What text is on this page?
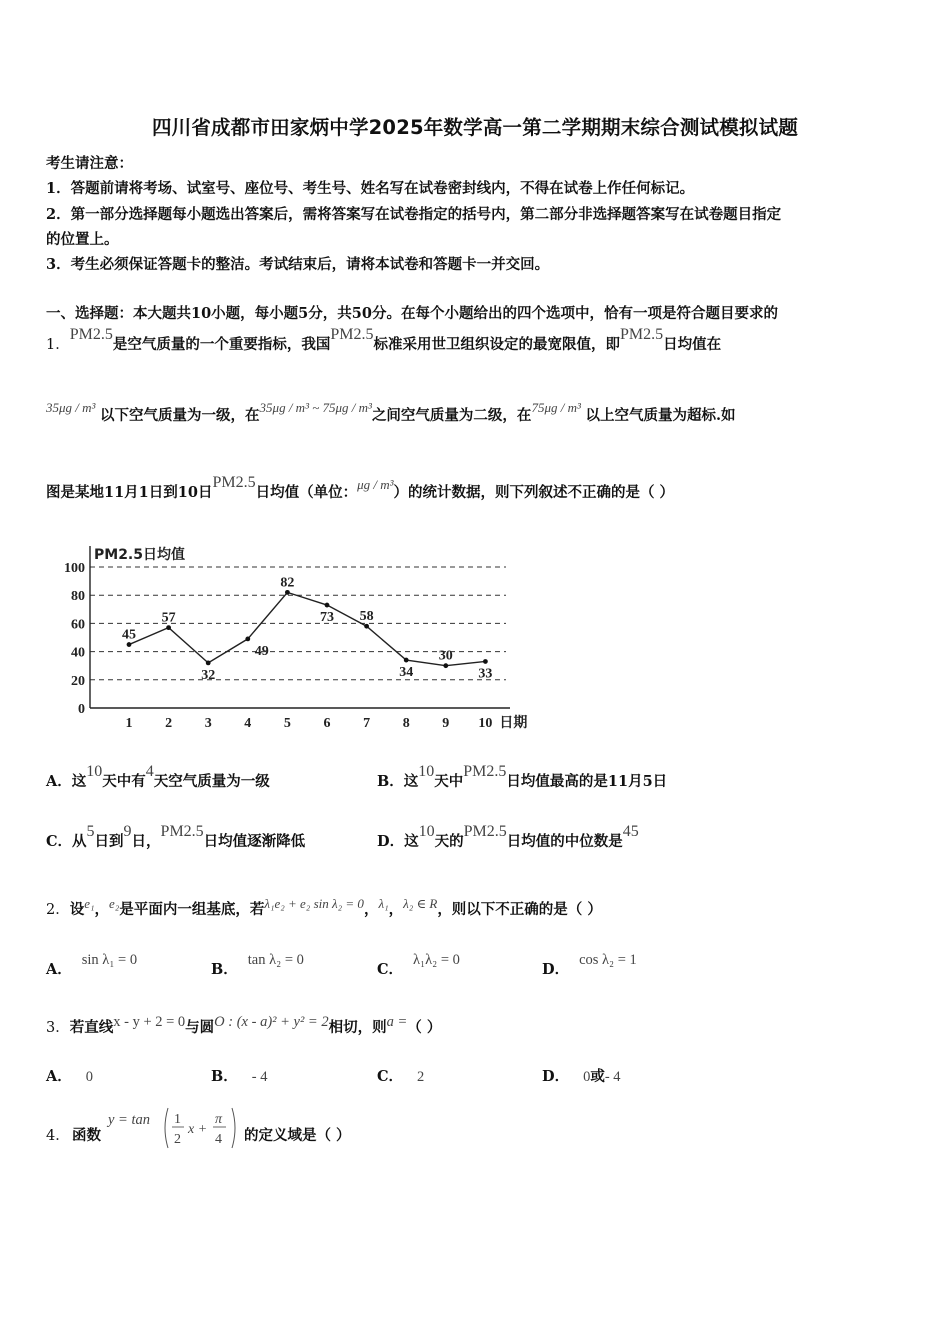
四川省成都市田家炳中学2025年数学高一第二学期期末综合测试模拟试题
考生请注意：
1．答题前请将考场、试室号、座位号、考生号、姓名写在试卷密封线内，不得在试卷上作任何标记。
2．第一部分选择题每小题选出答案后，需将答案写在试卷指定的括号内，第二部分非选择题答案写在试卷题目指定
的位置上。
3．考生必须保证答题卡的整洁。考试结束后，请将本试卷和答题卡一并交回。
一、选择题：本大题共10小题，每小题5分，共50分。在每个小题给出的四个选项中，恰有一项是符合题目要求的
1．PM2.5是空气质量的一个重要指标，我国PM2.5标准采用世卫组织设定的最宽限值，即PM2.5日均值在
35μg / m³ 以下空气质量为一级，在35μg / m³ ~ 75μg / m³之间空气质量为二级，在75μg / m³ 以上空气质量为超标.如
图是某地11月1日到10日PM2.5日均值（单位：μg / m³）的统计数据，则下列叙述不正确的是（ ）
0
20
40
60
80
100
PM2.5日均值
1 2 3 4 5 6 7 8 9 10 日期
45
57
32
49
82
73 58
34
30
33
A．这10天中有4天空气质量为一级	B．这10天中PM2.5日均值最高的是11月5日
C．从5日到9日，PM2.5日均值逐渐降低	D．这10天的PM2.5日均值的中位数是45
2．设e₁，e₂是平面内一组基底，若λ₁e₂ + e₂ sin λ₂ = 0，λ₁，λ₂ ∈ R，则以下不正确的是（ ）
A．sin λ₁ = 0
B．tan λ₂ = 0
C．λ₁λ₂ = 0
D．cos λ₂ = 1
3．若直线x - y + 2 = 0与圆O : (x - a)² + y² = 2相切，则a =（ ）
A． 0	B． - 4	C． 2	D． 0或- 4
4． 函数
y = tan 1
2
x +
π
4 的定义域是（ ）
